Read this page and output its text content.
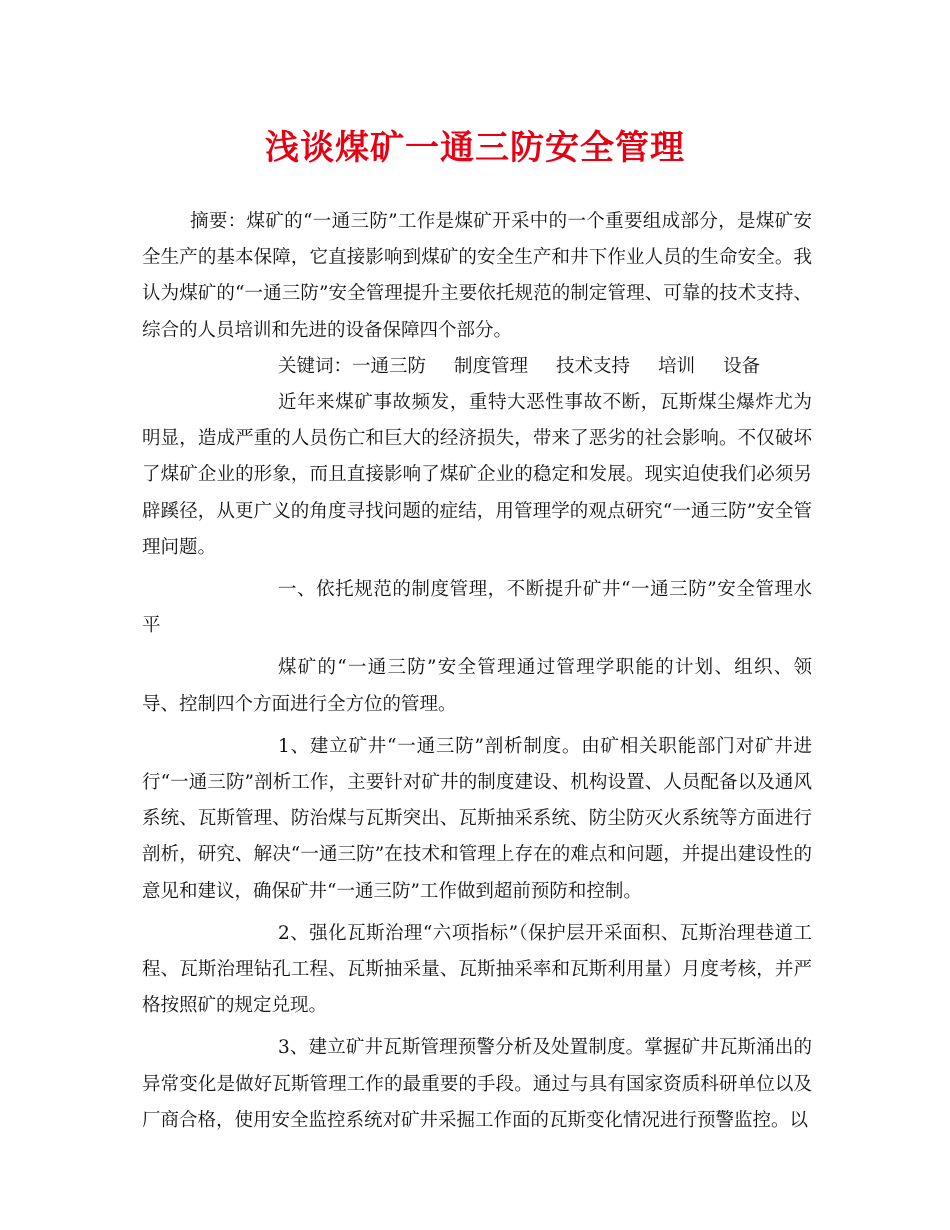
浅谈煤矿一通三防安全管理

摘要：煤矿的“一通三防”工作是煤矿开采中的一个重要组成部分，是煤矿安全生产的基本保障，它直接影响到煤矿的安全生产和井下作业人员的生命安全。我认为煤矿的“一通三防”安全管理提升主要依托规范的制定管理、可靠的技术支持、综合的人员培训和先进的设备保障四个部分。

关键词：一通三防 制度管理 技术支持 培训 设备

近年来煤矿事故频发，重特大恶性事故不断，瓦斯煤尘爆炸尤为明显，造成严重的人员伤亡和巨大的经济损失，带来了恶劣的社会影响。不仅破坏了煤矿企业的形象，而且直接影响了煤矿企业的稳定和发展。现实迫使我们必须另辟蹊径，从更广义的角度寻找问题的症结，用管理学的观点研究“一通三防”安全管理问题。

一、依托规范的制度管理，不断提升矿井“一通三防”安全管理水平

煤矿的“一通三防”安全管理通过管理学职能的计划、组织、领导、控制四个方面进行全方位的管理。

1、建立矿井“一通三防”剖析制度。由矿相关职能部门对矿井进行“一通三防”剖析工作，主要针对矿井的制度建设、机构设置、人员配备以及通风系统、瓦斯管理、防治煤与瓦斯突出、瓦斯抽采系统、防尘防灭火系统等方面进行剖析，研究、解决“一通三防”在技术和管理上存在的难点和问题，并提出建设性的意见和建议，确保矿井“一通三防”工作做到超前预防和控制。

2、强化瓦斯治理“六项指标”（保护层开采面积、瓦斯治理巷道工程、瓦斯治理钻孔工程、瓦斯抽采量、瓦斯抽采率和瓦斯利用量）月度考核，并严格按照矿的规定兑现。

3、建立矿井瓦斯管理预警分析及处置制度。掌握矿井瓦斯涌出的异常变化是做好瓦斯管理工作的最重要的手段。通过与具有国家资质科研单位以及厂商合格，使用安全监控系统对矿井采掘工作面的瓦斯变化情况进行预警监控。以
